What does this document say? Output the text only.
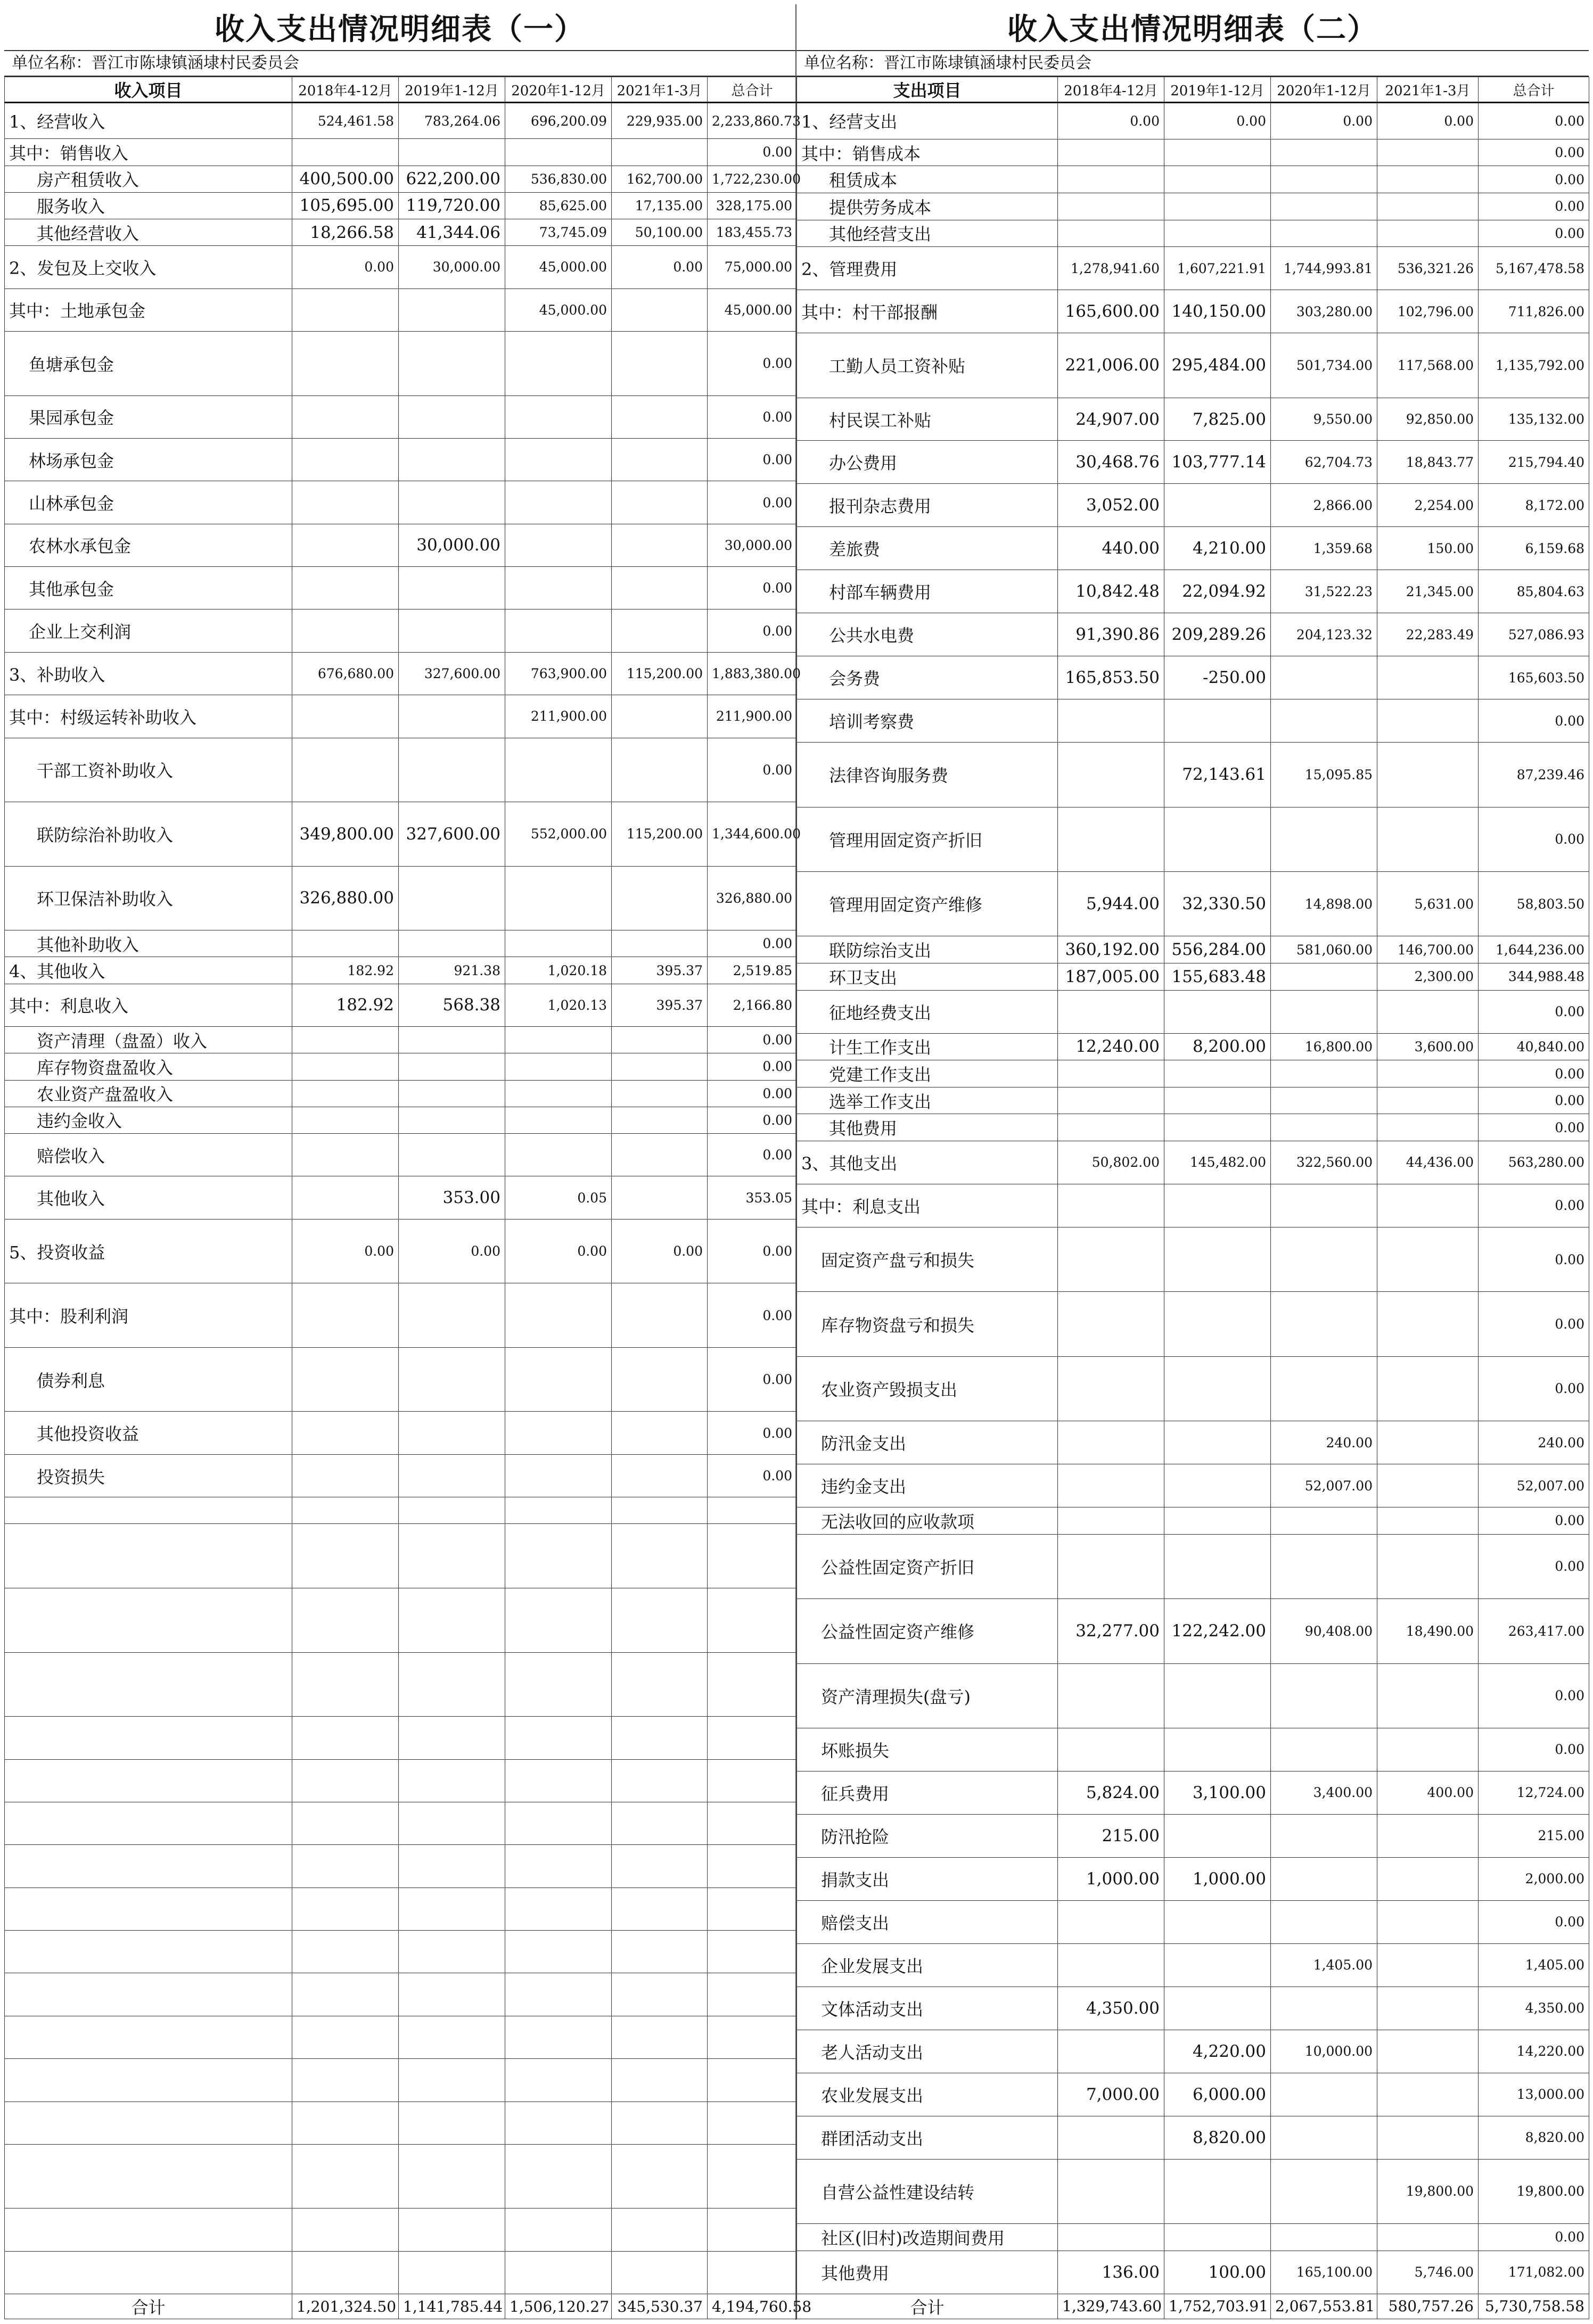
收入支出情况明细表（一）
单位名称：晋江市陈埭镇涵埭村民委员会
收入项目	2018年4-12月	2019年1-12月	2020年1-12月	2021年1-3月	总合计
1、经营收入	524,461.58	783,264.06	696,200.09	229,935.00	2,233,860.73
其中：销售收入					0.00
房产租赁收入	400,500.00	622,200.00	536,830.00	162,700.00	1,722,230.00
服务收入	105,695.00	119,720.00	85,625.00	17,135.00	328,175.00
其他经营收入	18,266.58	41,344.06	73,745.09	50,100.00	183,455.73
2、发包及上交收入	0.00	30,000.00	45,000.00	0.00	75,000.00
其中：土地承包金			45,000.00		45,000.00
鱼塘承包金					0.00
果园承包金					0.00
林场承包金					0.00
山林承包金					0.00
农林水承包金		30,000.00			30,000.00
其他承包金					0.00
企业上交利润					0.00
3、补助收入	676,680.00	327,600.00	763,900.00	115,200.00	1,883,380.00
其中：村级运转补助收入			211,900.00		211,900.00
干部工资补助收入					0.00
联防综治补助收入	349,800.00	327,600.00	552,000.00	115,200.00	1,344,600.00
环卫保洁补助收入	326,880.00				326,880.00
其他补助收入					0.00
4、其他收入	182.92	921.38	1,020.18	395.37	2,519.85
其中：利息收入	182.92	568.38	1,020.13	395.37	2,166.80
资产清理（盘盈）收入					0.00
库存物资盘盈收入					0.00
农业资产盘盈收入					0.00
违约金收入					0.00
赔偿收入					0.00
其他收入		353.00	0.05		353.05
5、投资收益	0.00	0.00	0.00	0.00	0.00
其中：股利利润					0.00
债券利息					0.00
其他投资收益					0.00
投资损失					0.00

合计	1,201,324.50	1,141,785.44	1,506,120.27	345,530.37	4,194,760.58
收入支出情况明细表（二）
单位名称：晋江市陈埭镇涵埭村民委员会
支出项目	2018年4-12月	2019年1-12月	2020年1-12月	2021年1-3月	总合计
1、经营支出	0.00	0.00	0.00	0.00	0.00
其中：销售成本					0.00
租赁成本					0.00
提供劳务成本					0.00
其他经营支出					0.00
2、管理费用	1,278,941.60	1,607,221.91	1,744,993.81	536,321.26	5,167,478.58
其中：村干部报酬	165,600.00	140,150.00	303,280.00	102,796.00	711,826.00
工勤人员工资补贴	221,006.00	295,484.00	501,734.00	117,568.00	1,135,792.00
村民误工补贴	24,907.00	7,825.00	9,550.00	92,850.00	135,132.00
办公费用	30,468.76	103,777.14	62,704.73	18,843.77	215,794.40
报刊杂志费用	3,052.00		2,866.00	2,254.00	8,172.00
差旅费	440.00	4,210.00	1,359.68	150.00	6,159.68
村部车辆费用	10,842.48	22,094.92	31,522.23	21,345.00	85,804.63
公共水电费	91,390.86	209,289.26	204,123.32	22,283.49	527,086.93
会务费	165,853.50	-250.00			165,603.50
培训考察费					0.00
法律咨询服务费		72,143.61	15,095.85		87,239.46
管理用固定资产折旧					0.00
管理用固定资产维修	5,944.00	32,330.50	14,898.00	5,631.00	58,803.50
联防综治支出	360,192.00	556,284.00	581,060.00	146,700.00	1,644,236.00
环卫支出	187,005.00	155,683.48		2,300.00	344,988.48
征地经费支出					0.00
计生工作支出	12,240.00	8,200.00	16,800.00	3,600.00	40,840.00
党建工作支出					0.00
选举工作支出					0.00
其他费用					0.00
3、其他支出	50,802.00	145,482.00	322,560.00	44,436.00	563,280.00
其中：利息支出					0.00
固定资产盘亏和损失					0.00
库存物资盘亏和损失					0.00
农业资产毁损支出					0.00
防汛金支出			240.00		240.00
违约金支出			52,007.00		52,007.00
无法收回的应收款项					0.00
公益性固定资产折旧					0.00
公益性固定资产维修	32,277.00	122,242.00	90,408.00	18,490.00	263,417.00
资产清理损失(盘亏)					0.00
坏账损失					0.00
征兵费用	5,824.00	3,100.00	3,400.00	400.00	12,724.00
防汛抢险	215.00				215.00
捐款支出	1,000.00	1,000.00			2,000.00
赔偿支出					0.00
企业发展支出			1,405.00		1,405.00
文体活动支出	4,350.00				4,350.00
老人活动支出		4,220.00	10,000.00		14,220.00
农业发展支出	7,000.00	6,000.00			13,000.00
群团活动支出		8,820.00			8,820.00
自营公益性建设结转				19,800.00	19,800.00
社区(旧村)改造期间费用					0.00
其他费用	136.00	100.00	165,100.00	5,746.00	171,082.00
合计	1,329,743.60	1,752,703.91	2,067,553.81	580,757.26	5,730,758.58
